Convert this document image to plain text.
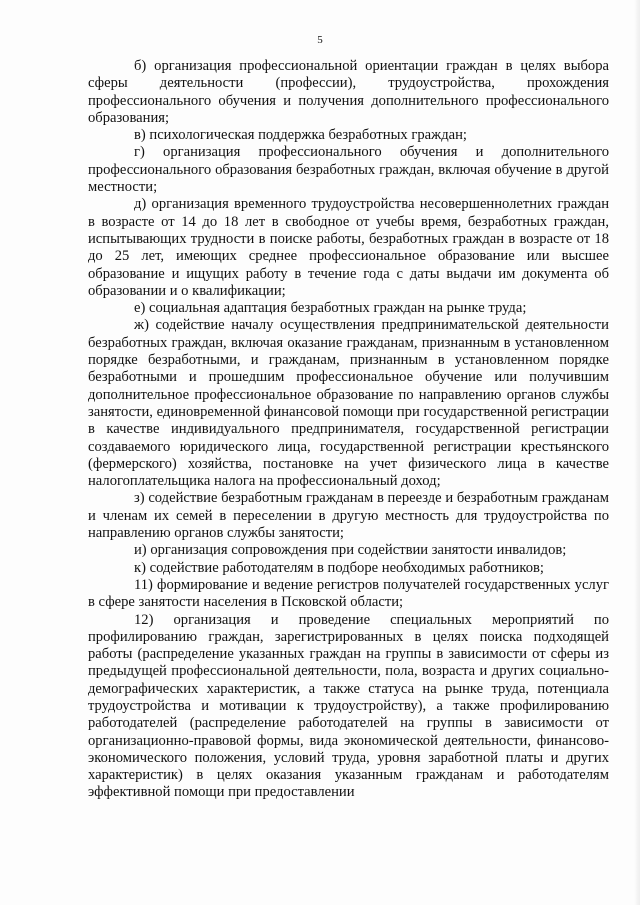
5

б) организация профессиональной ориентации граждан в целях выбора сферы деятельности (профессии), трудоустройства, прохождения профессионального обучения и получения дополнительного профессионального образования;

в) психологическая поддержка безработных граждан;

г) организация профессионального обучения и дополнительного профессионального образования безработных граждан, включая обучение в другой местности;

д) организация временного трудоустройства несовершеннолетних граждан в возрасте от 14 до 18 лет в свободное от учебы время, безработных граждан, испытывающих трудности в поиске работы, безработных граждан в возрасте от 18 до 25 лет, имеющих среднее профессиональное образование или высшее образование и ищущих работу в течение года с даты выдачи им документа об образовании и о квалификации;

е) социальная адаптация безработных граждан на рынке труда;

ж) содействие началу осуществления предпринимательской деятельности безработных граждан, включая оказание гражданам, признанным в установленном порядке безработными, и гражданам, признанным в установленном порядке безработными и прошедшим профессиональное обучение или получившим дополнительное профессиональное образование по направлению органов службы занятости, единовременной финансовой помощи при государственной регистрации в качестве индивидуального предпринимателя, государственной регистрации создаваемого юридического лица, государственной регистрации крестьянского (фермерского) хозяйства, постановке на учет физического лица в качестве налогоплательщика налога на профессиональный доход;

з) содействие безработным гражданам в переезде и безработным гражданам и членам их семей в переселении в другую местность для трудоустройства по направлению органов службы занятости;

и) организация сопровождения при содействии занятости инвалидов;

к) содействие работодателям в подборе необходимых работников;

11) формирование и ведение регистров получателей государственных услуг в сфере занятости населения в Псковской области;

12) организация и проведение специальных мероприятий по профилированию граждан, зарегистрированных в целях поиска подходящей работы (распределение указанных граждан на группы в зависимости от сферы из предыдущей профессиональной деятельности, пола, возраста и других социально-демографических характеристик, а также статуса на рынке труда, потенциала трудоустройства и мотивации к трудоустройству), а также профилированию работодателей (распределение работодателей на группы в зависимости от организационно-правовой формы, вида экономической деятельности, финансово-экономического положения, условий труда, уровня заработной платы и других характеристик) в целях оказания указанным гражданам и работодателям эффективной помощи при предоставлении
